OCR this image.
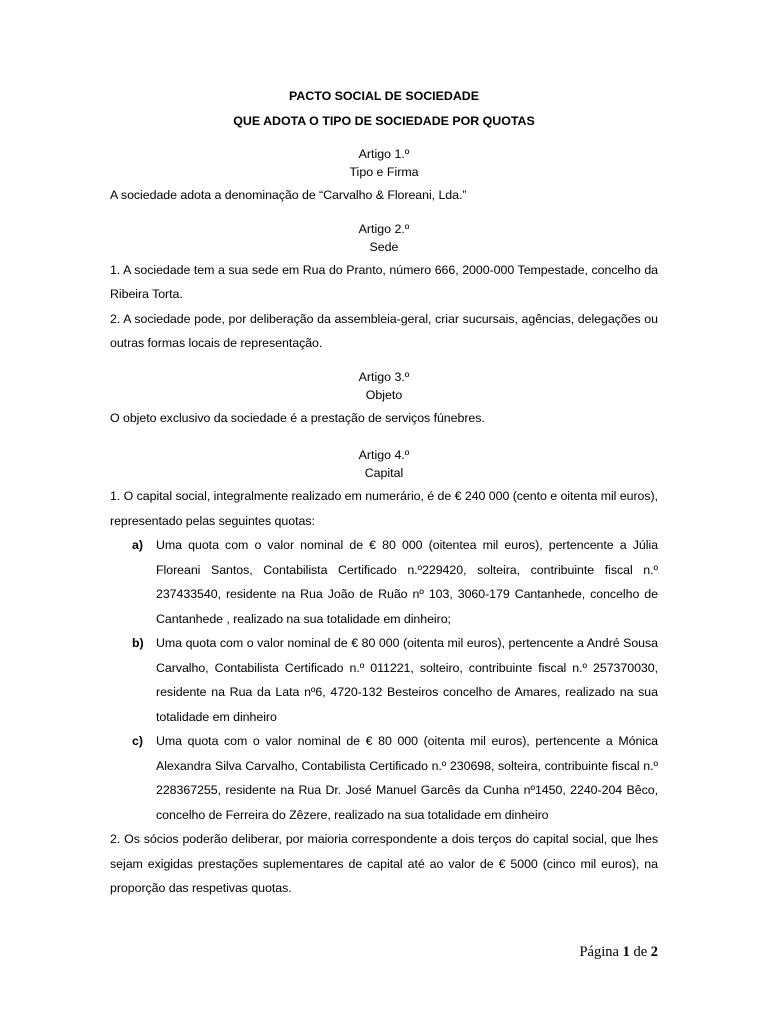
PACTO SOCIAL DE SOCIEDADE

QUE ADOTA O TIPO DE SOCIEDADE POR QUOTAS

Artigo 1.º
Tipo e Firma

A sociedade adota a denominação de “Carvalho & Floreani, Lda.”

Artigo 2.º
Sede

1. A sociedade tem a sua sede em Rua do Pranto, número 666, 2000-000 Tempestade, concelho da Ribeira Torta.

2. A sociedade pode, por deliberação da assembleia-geral, criar sucursais, agências, delegações ou outras formas locais de representação.

Artigo 3.º
Objeto

O objeto exclusivo da sociedade é a prestação de serviços fúnebres.

Artigo 4.º
Capital

1. O capital social, integralmente realizado em numerário, é de € 240 000 (cento e oitenta mil euros), representado pelas seguintes quotas:

a) Uma quota com o valor nominal de € 80 000 (oitentea mil euros), pertencente a Júlia Floreani Santos, Contabilista Certificado n.º229420, solteira, contribuinte fiscal n.º 237433540, residente na Rua João de Ruão nº 103, 3060-179 Cantanhede, concelho de Cantanhede , realizado na sua totalidade em dinheiro;
b) Uma quota com o valor nominal de € 80 000 (oitenta mil euros), pertencente a André Sousa Carvalho, Contabilista Certificado n.º 011221, solteiro, contribuinte fiscal n.º 257370030, residente na Rua da Lata nº6, 4720-132 Besteiros concelho de Amares, realizado na sua totalidade em dinheiro
c) Uma quota com o valor nominal de € 80 000 (oitenta mil euros), pertencente a Mónica Alexandra Silva Carvalho, Contabilista Certificado n.º 230698, solteira, contribuinte fiscal n.º 228367255, residente na Rua Dr. José Manuel Garcês da Cunha nº1450, 2240-204 Bêco, concelho de Ferreira do Zêzere, realizado na sua totalidade em dinheiro

2. Os sócios poderão deliberar, por maioria correspondente a dois terços do capital social, que lhes sejam exigidas prestações suplementares de capital até ao valor de € 5000 (cinco mil euros), na proporção das respetivas quotas.

Página 1 de 2
